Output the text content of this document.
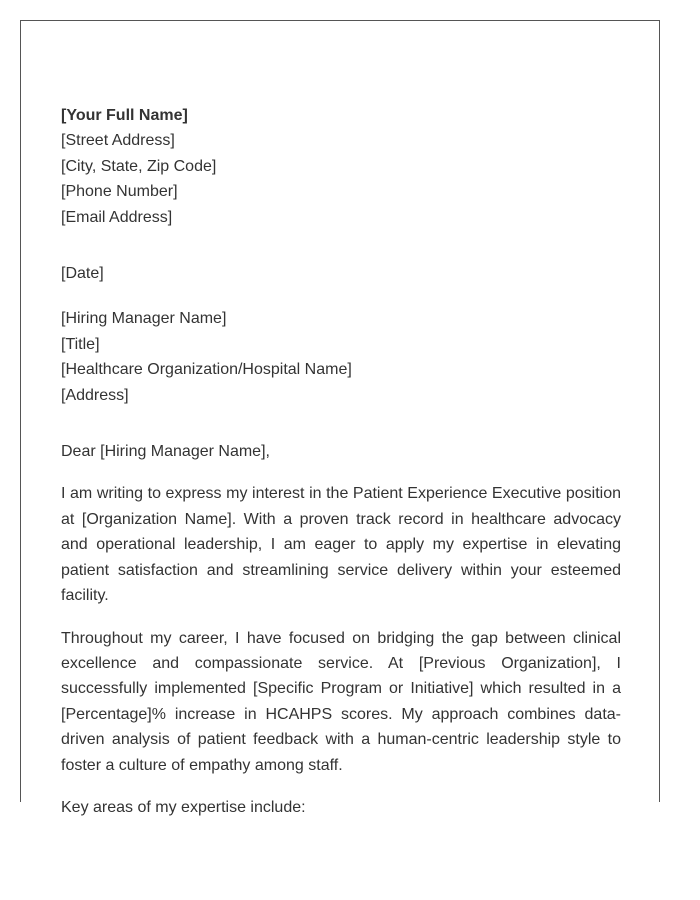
[Your Full Name]
[Street Address]
[City, State, Zip Code]
[Phone Number]
[Email Address]
[Date]
[Hiring Manager Name]
[Title]
[Healthcare Organization/Hospital Name]
[Address]
Dear [Hiring Manager Name],

I am writing to express my interest in the Patient Experience Executive position at [Organization Name]. With a proven track record in healthcare advocacy and operational leadership, I am eager to apply my expertise in elevating patient satisfaction and streamlining service delivery within your esteemed facility.

Throughout my career, I have focused on bridging the gap between clinical excellence and compassionate service. At [Previous Organization], I successfully implemented [Specific Program or Initiative] which resulted in a [Percentage]% increase in HCAHPS scores. My approach combines data-driven analysis of patient feedback with a human-centric leadership style to foster a culture of empathy among staff.

Key areas of my expertise include:
